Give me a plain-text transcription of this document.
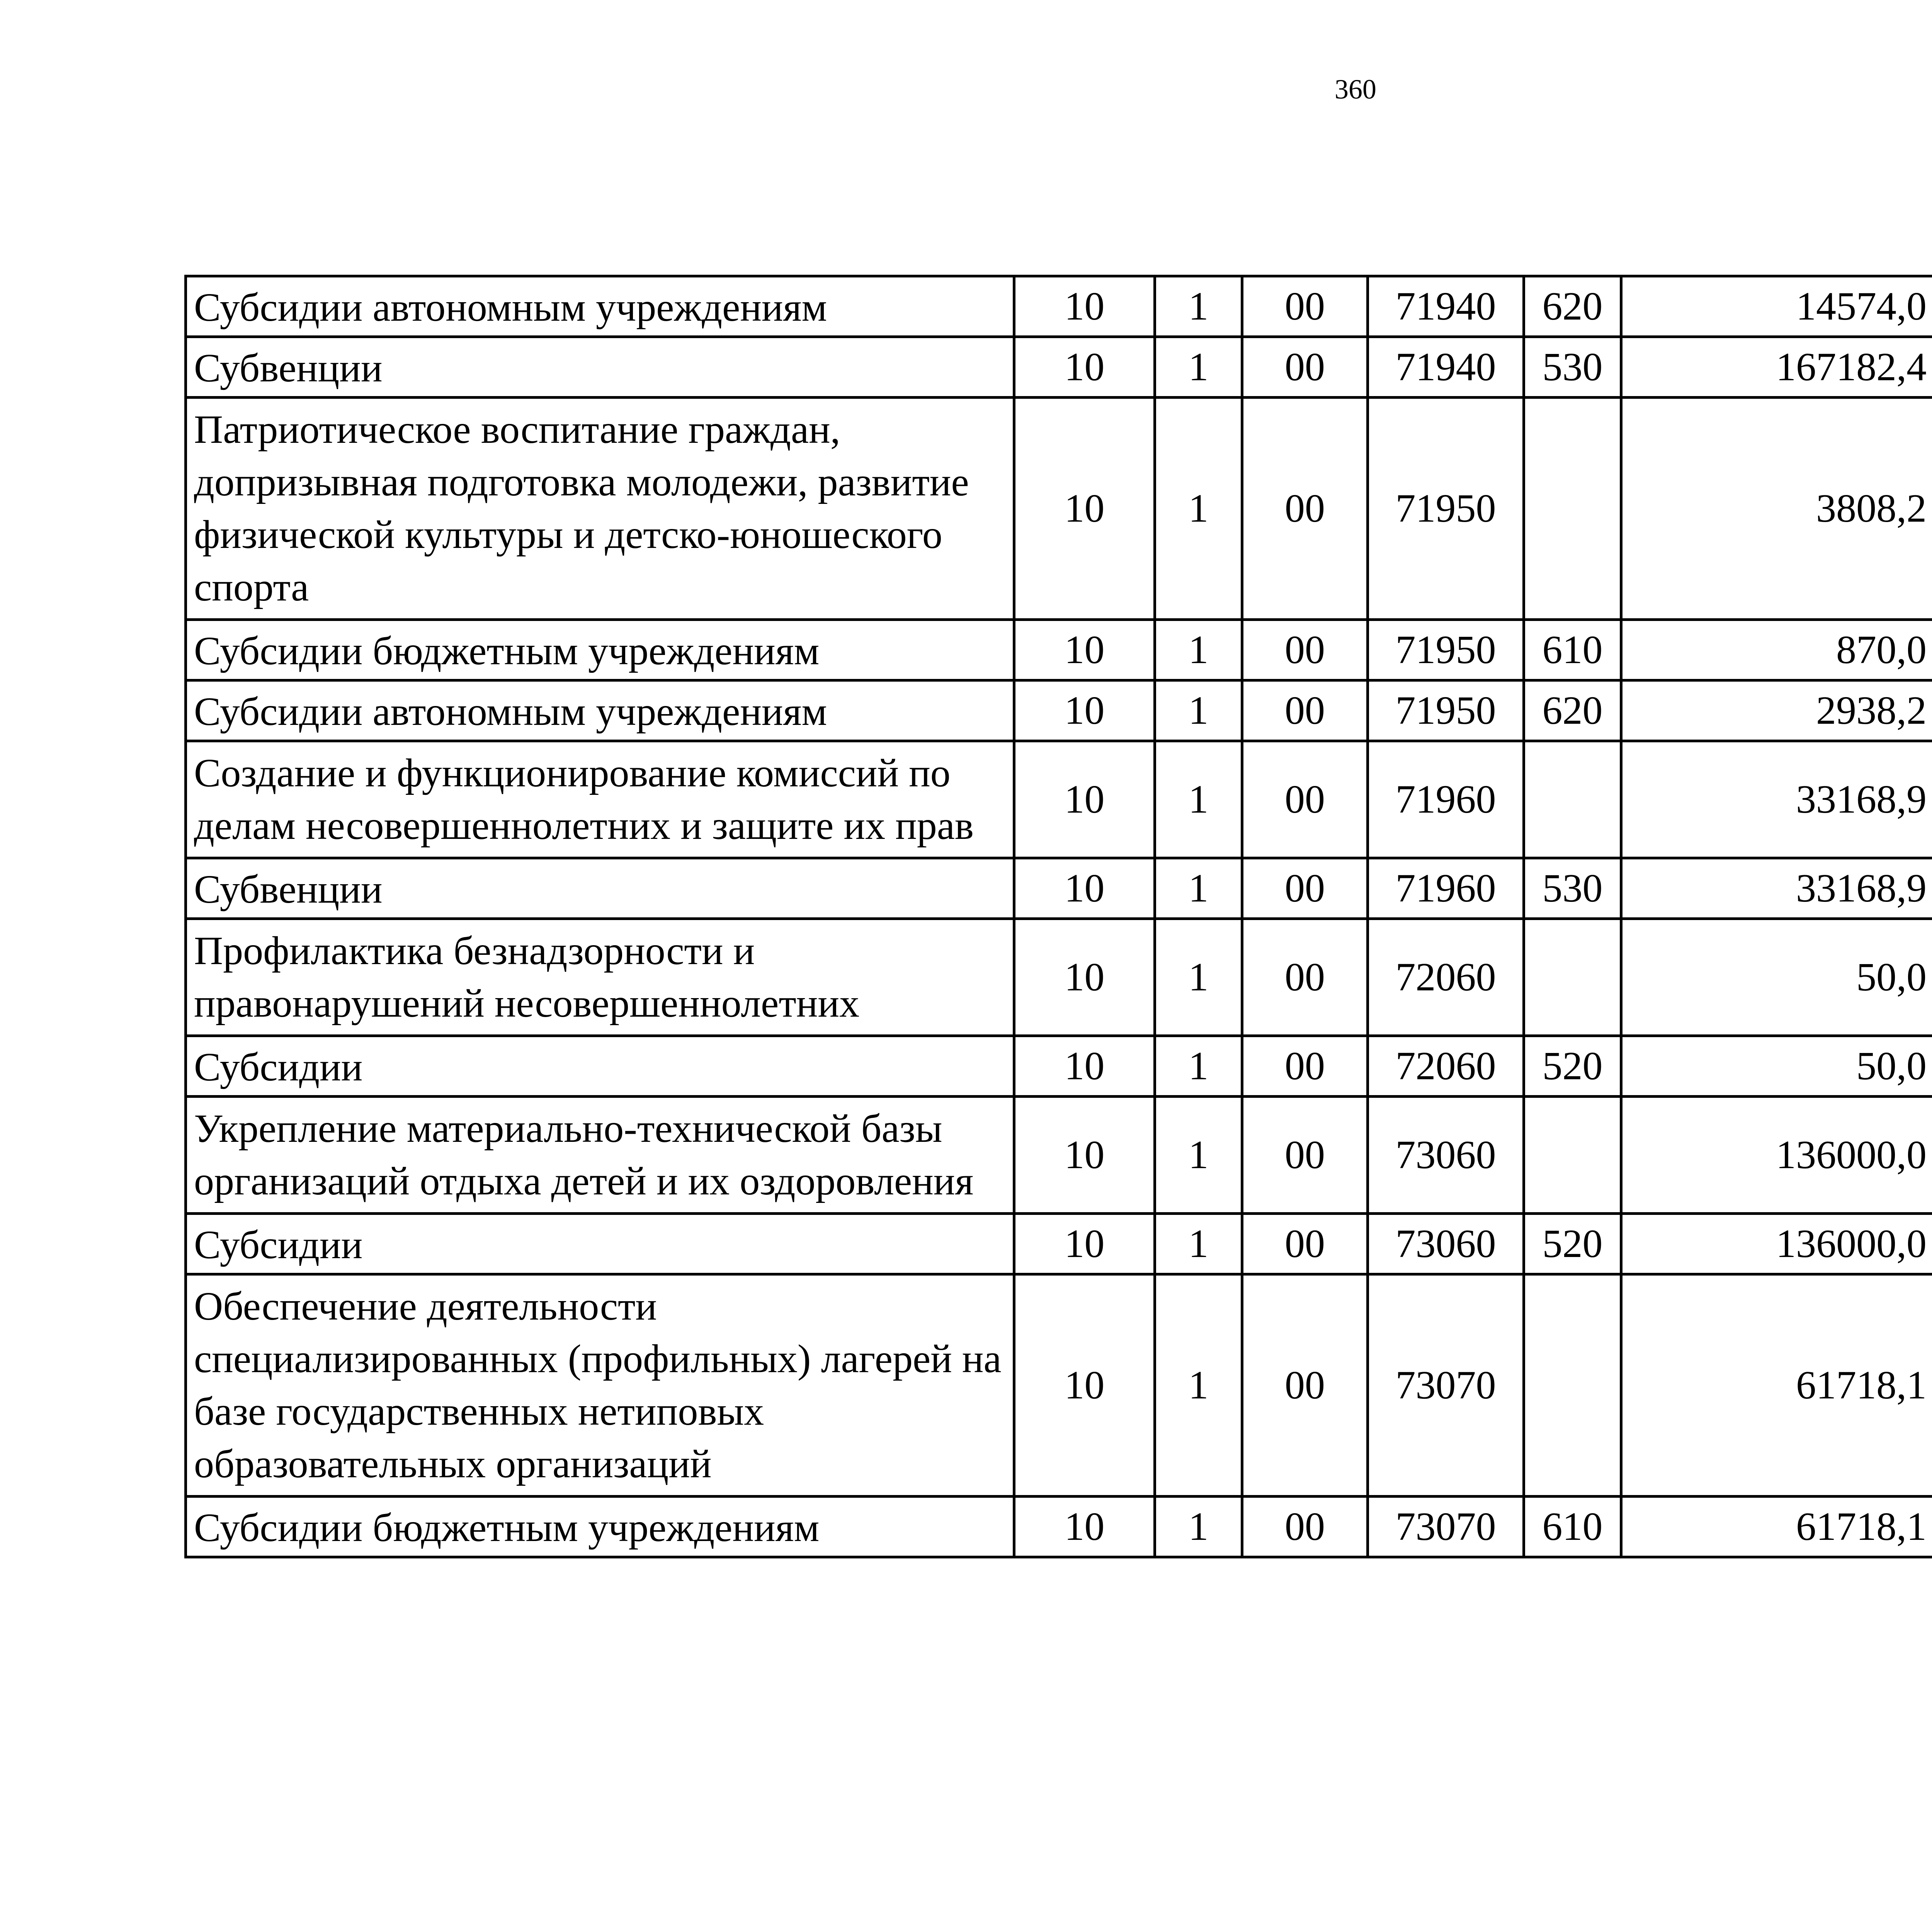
360
Субсидии автономным учреждениям	10	1	00	71940	620	14574,0		
Субвенции	10	1	00	71940	530	167182,4		
Патриотическое воспитание граждан, допризывная подготовка молодежи, развитие физической культуры и детско-юношеского спорта	10	1	00	71950		3808,2		
Субсидии бюджетным учреждениям	10	1	00	71950	610	870,0		
Субсидии автономным учреждениям	10	1	00	71950	620	2938,2		
Создание и функционирование комиссий по делам несовершеннолетних и защите их прав	10	1	00	71960		33168,9		
Субвенции	10	1	00	71960	530	33168,9		
Профилактика безнадзорности и правонарушений несовершеннолетних	10	1	00	72060		50,0		
Субсидии	10	1	00	72060	520	50,0		
Укрепление материально-технической базы организаций отдыха детей и их оздоровления	10	1	00	73060		136000,0		
Субсидии	10	1	00	73060	520	136000,0		
Обеспечение деятельности специализированных (профильных) лагерей на базе государственных нетиповых образовательных организаций	10	1	00	73070		61718,1		
Субсидии бюджетным учреждениям	10	1	00	73070	610	61718,1		
